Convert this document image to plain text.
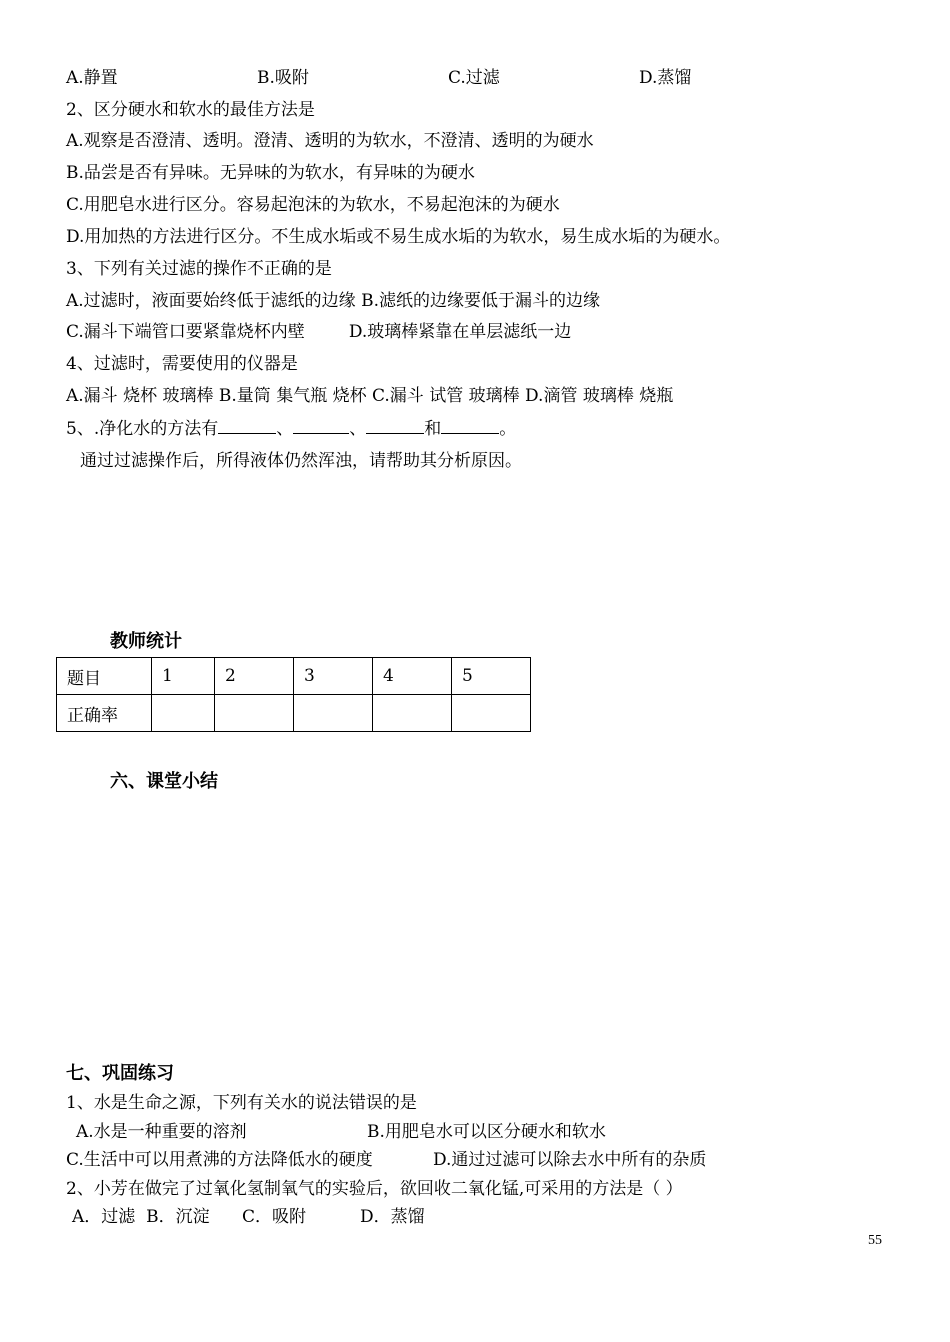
A.静置	B.吸附	C.过滤	D.蒸馏
2、区分硬水和软水的最佳方法是
A.观察是否澄清、透明。澄清、透明的为软水，不澄清、透明的为硬水
B.品尝是否有异味。无异味的为软水，有异味的为硬水
C.用肥皂水进行区分。容易起泡沫的为软水，不易起泡沫的为硬水
D.用加热的方法进行区分。不生成水垢或不易生成水垢的为软水，易生成水垢的为硬水。
3、下列有关过滤的操作不正确的是
A.过滤时，液面要始终低于滤纸的边缘 B.滤纸的边缘要低于漏斗的边缘
C.漏斗下端管口要紧靠烧杯内壁	D.玻璃棒紧靠在单层滤纸一边
4、过滤时，需要使用的仪器是
A.漏斗 烧杯 玻璃棒 B.量筒 集气瓶 烧杯 C.漏斗 试管 玻璃棒 D.滴管 玻璃棒 烧瓶
5、.净化水的方法有	、	、	和	。
通过过滤操作后，所得液体仍然浑浊，请帮助其分析原因。
教师统计
题目	1	2	3	4	5
正确率					
六、课堂小结
七、巩固练习
1、水是生命之源，下列有关水的说法错误的是
A.水是一种重要的溶剂	B.用肥皂水可以区分硬水和软水
C.生活中可以用煮沸的方法降低水的硬度	D.通过过滤可以除去水中所有的杂质
2、小芳在做完了过氧化氢制氧气的实验后，欲回收二氧化锰,可采用的方法是（ ）
A．过滤  B．沉淀      C．吸附          D．蒸馏
55
